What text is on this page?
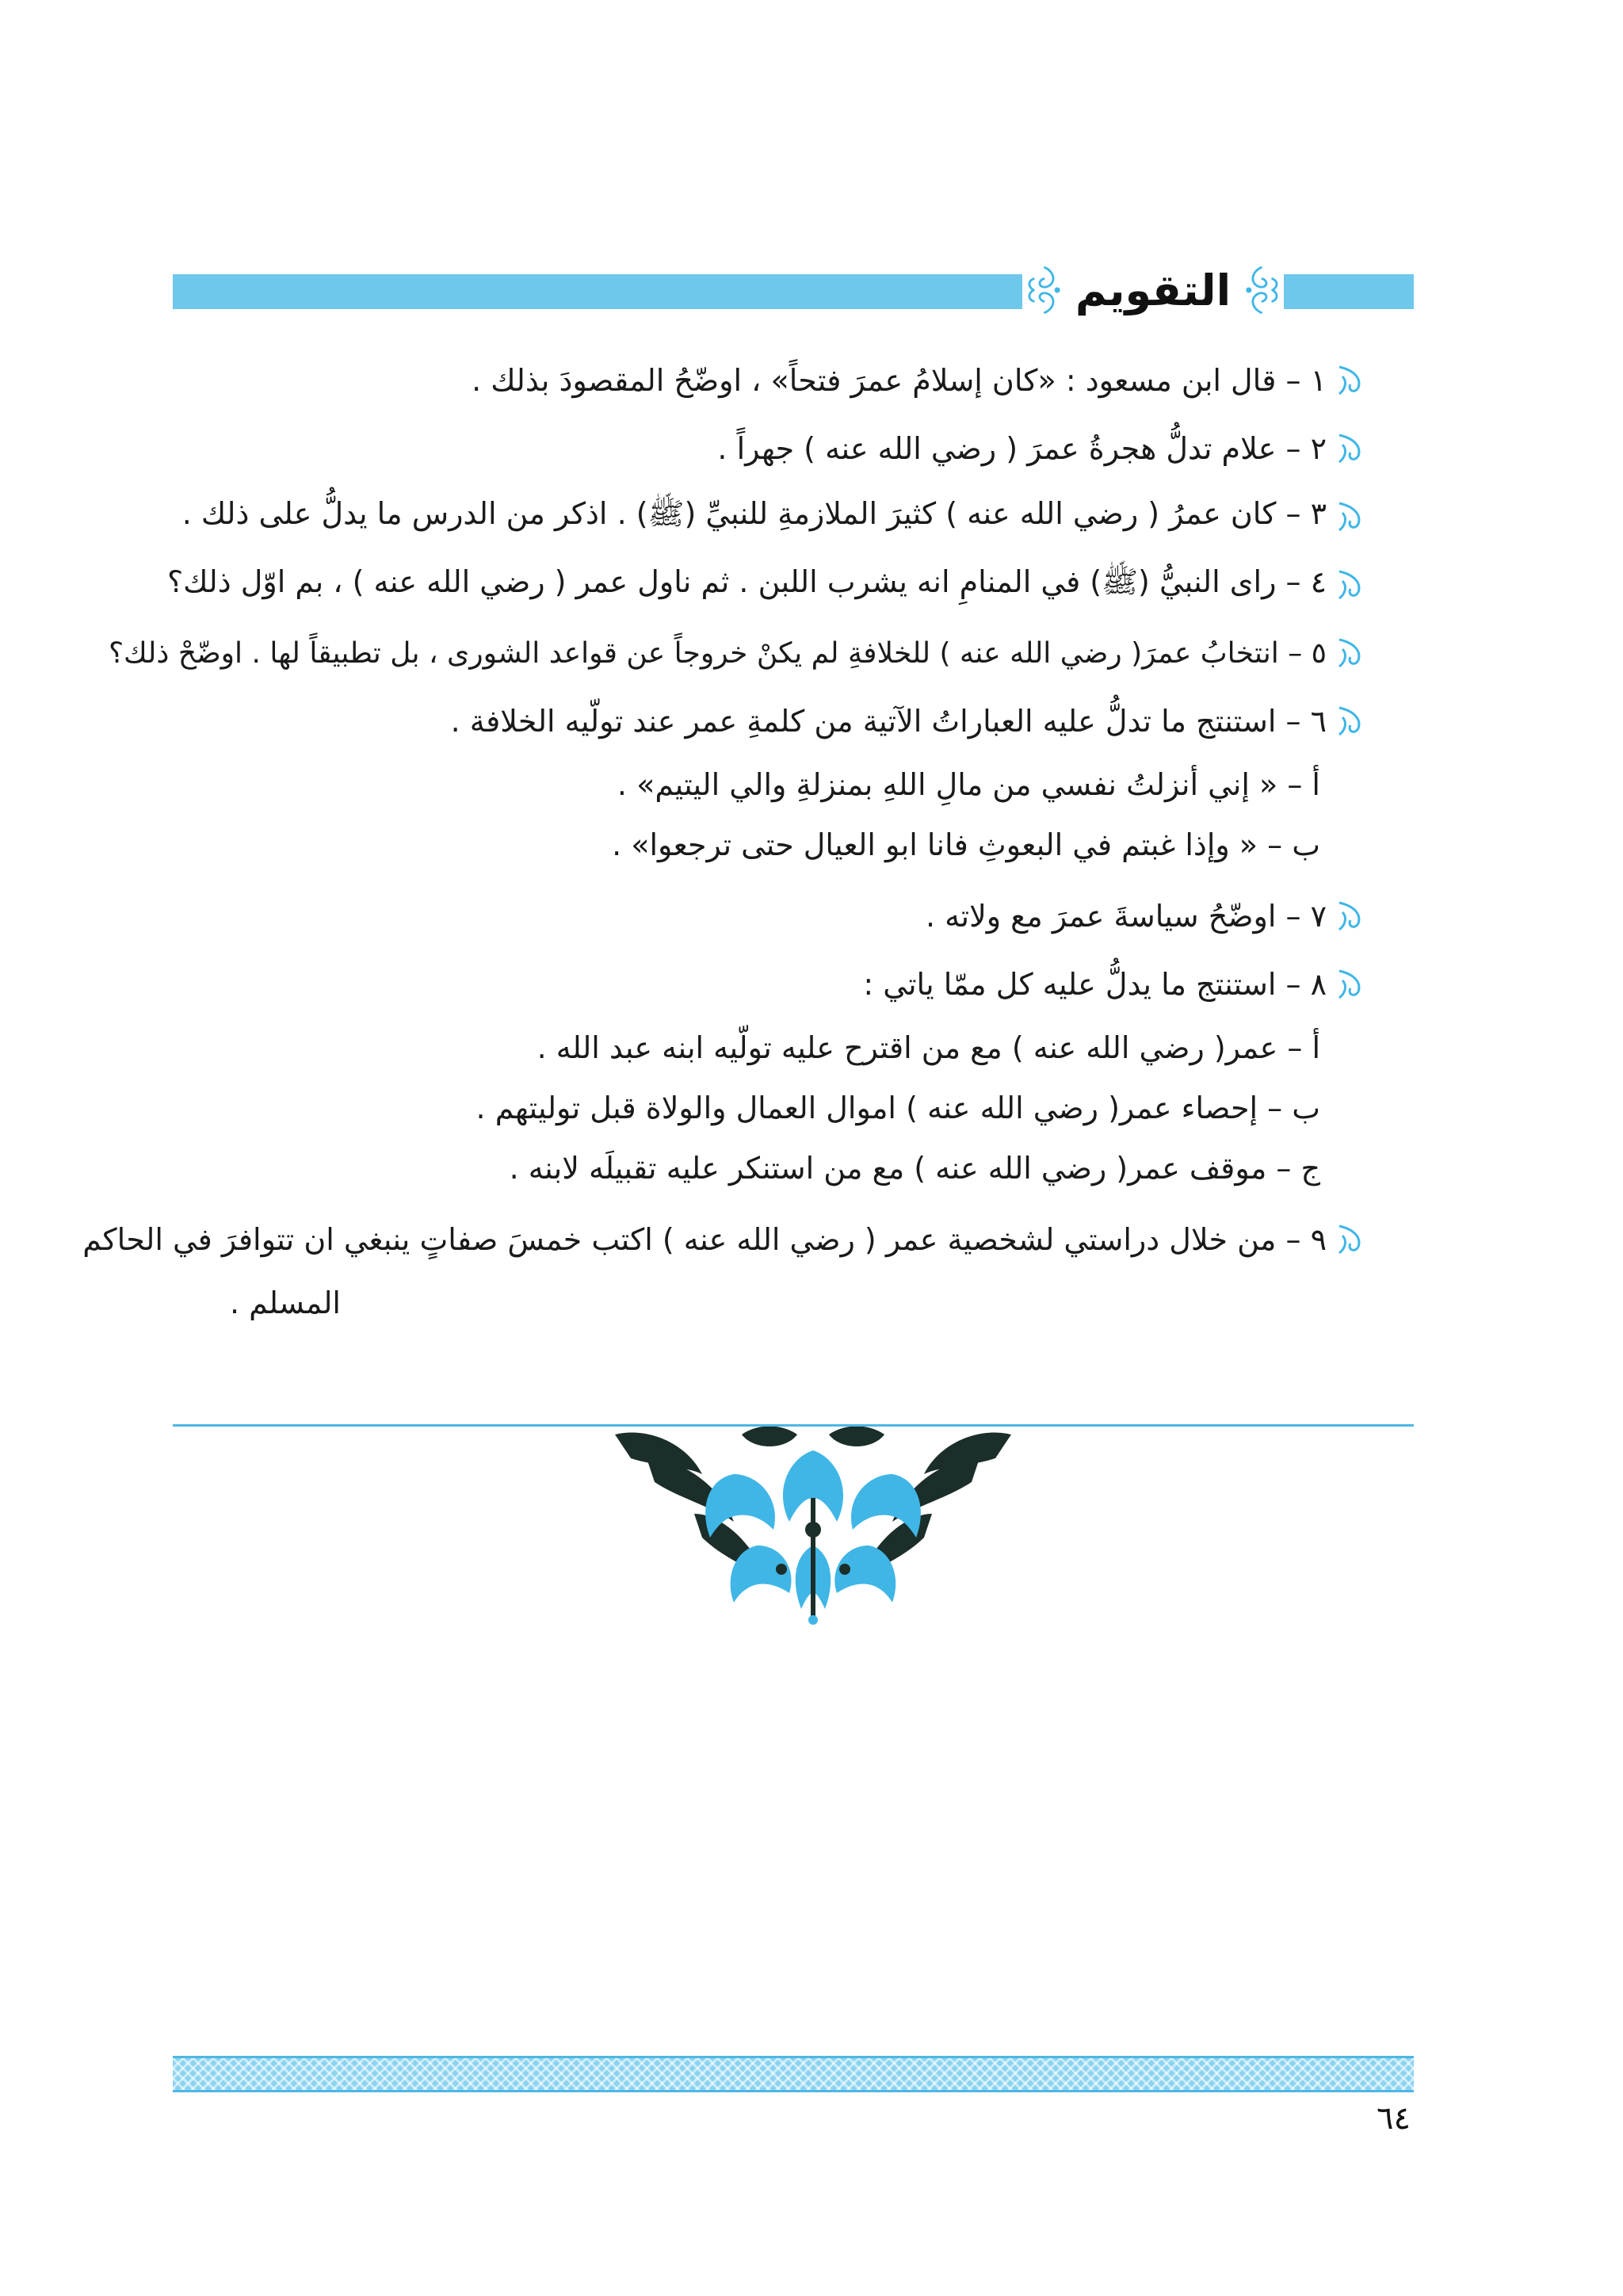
التقويم
١ – قال ابن مسعود : «كان إسلامُ عمرَ فتحاً» ، اوضّحُ المقصودَ بذلك .
٢ – علام تدلُّ هجرةُ عمرَ ( رضي الله عنه ) جهراً .
٣ – كان عمرُ ( رضي الله عنه ) كثيرَ الملازمةِ للنبيِّ (ﷺ) . اذكر من الدرس ما يدلُّ على ذلك .
٤ – راى النبيُّ (ﷺ) في المنامِ انه يشرب اللبن . ثم ناول عمر ( رضي الله عنه ) ، بم اوّل ذلك؟
٥ – انتخابُ عمرَ( رضي الله عنه ) للخلافةِ لم يكنْ خروجاً عن قواعد الشورى ، بل تطبيقاً لها . اوضّحْ ذلك؟
٦ – استنتج ما تدلُّ عليه العباراتُ الآتية من كلمةِ عمر عند تولّيه الخلافة .
أ – « إني أنزلتُ نفسي من مالِ اللهِ بمنزلةِ والي اليتيم» .
ب – « وإذا غبتم في البعوثِ فانا ابو العيال حتى ترجعوا» .
٧ – اوضّحُ سياسةَ عمرَ مع ولاته .
٨ – استنتج ما يدلُّ عليه كل ممّا ياتي :
أ – عمر( رضي الله عنه ) مع من اقترح عليه تولّيه ابنه عبد الله .
ب – إحصاء عمر( رضي الله عنه ) اموال العمال والولاة قبل توليتهم .
ج – موقف عمر( رضي الله عنه ) مع من استنكر عليه تقبيلَه لابنه .
٩ – من خلال دراستي لشخصية عمر ( رضي الله عنه ) اكتب خمسَ صفاتٍ ينبغي ان تتوافرَ في الحاكم
المسلم .
٦٤
